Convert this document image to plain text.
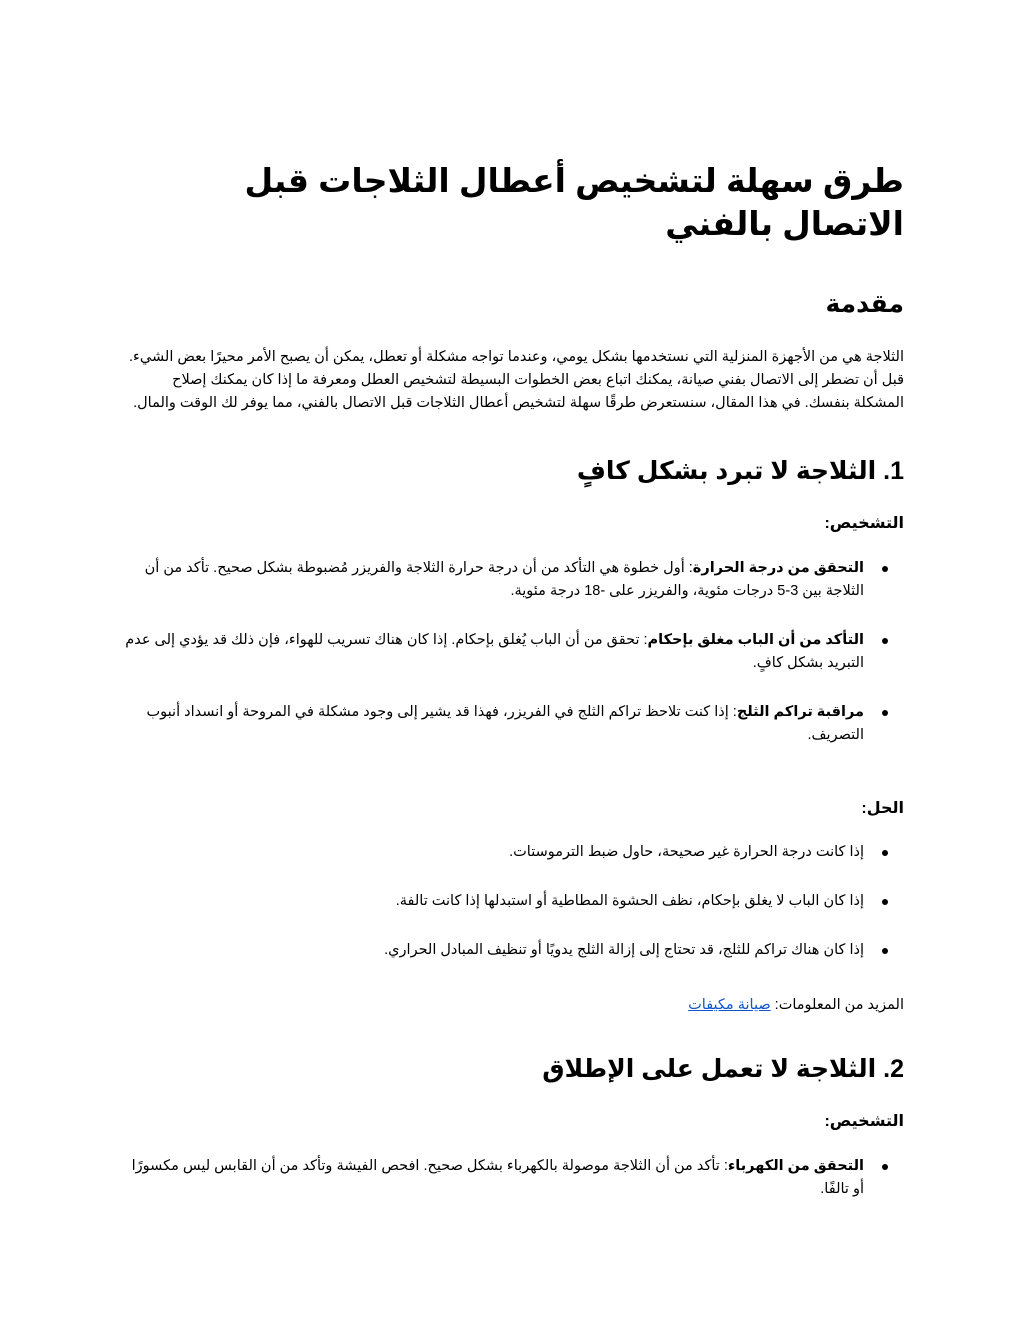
طرق سهلة لتشخيص أعطال الثلاجات قبل الاتصال بالفني
مقدمة

الثلاجة هي من الأجهزة المنزلية التي نستخدمها بشكل يومي، وعندما تواجه مشكلة أو تعطل، يمكن أن يصبح الأمر محيرًا بعض الشيء. قبل أن تضطر إلى الاتصال بفني صيانة، يمكنك اتباع بعض الخطوات البسيطة لتشخيص العطل ومعرفة ما إذا كان يمكنك إصلاح المشكلة بنفسك. في هذا المقال، سنستعرض طرقًا سهلة لتشخيص أعطال الثلاجات قبل الاتصال بالفني، مما يوفر لك الوقت والمال.

1. الثلاجة لا تبرد بشكل كافٍ
التشخيص:
التحقق من درجة الحرارة: أول خطوة هي التأكد من أن درجة حرارة الثلاجة والفريزر مُضبوطة بشكل صحيح. تأكد من أن الثلاجة بين 3-5 درجات مئوية، والفريزر على -18 درجة مئوية.
التأكد من أن الباب مغلق بإحكام: تحقق من أن الباب يُغلق بإحكام. إذا كان هناك تسريب للهواء، فإن ذلك قد يؤدي إلى عدم التبريد بشكل كافٍ.
مراقبة تراكم الثلج: إذا كنت تلاحظ تراكم الثلج في الفريزر، فهذا قد يشير إلى وجود مشكلة في المروحة أو انسداد أنبوب التصريف.
الحل:
إذا كانت درجة الحرارة غير صحيحة، حاول ضبط الترموستات.
إذا كان الباب لا يغلق بإحكام، نظف الحشوة المطاطية أو استبدلها إذا كانت تالفة.
إذا كان هناك تراكم للثلج، قد تحتاج إلى إزالة الثلج يدويًا أو تنظيف المبادل الحراري.
المزيد من المعلومات: صيانة مكيفات
2. الثلاجة لا تعمل على الإطلاق
التشخيص:
التحقق من الكهرباء: تأكد من أن الثلاجة موصولة بالكهرباء بشكل صحيح. افحص الفيشة وتأكد من أن القابس ليس مكسورًا أو تالفًا.
